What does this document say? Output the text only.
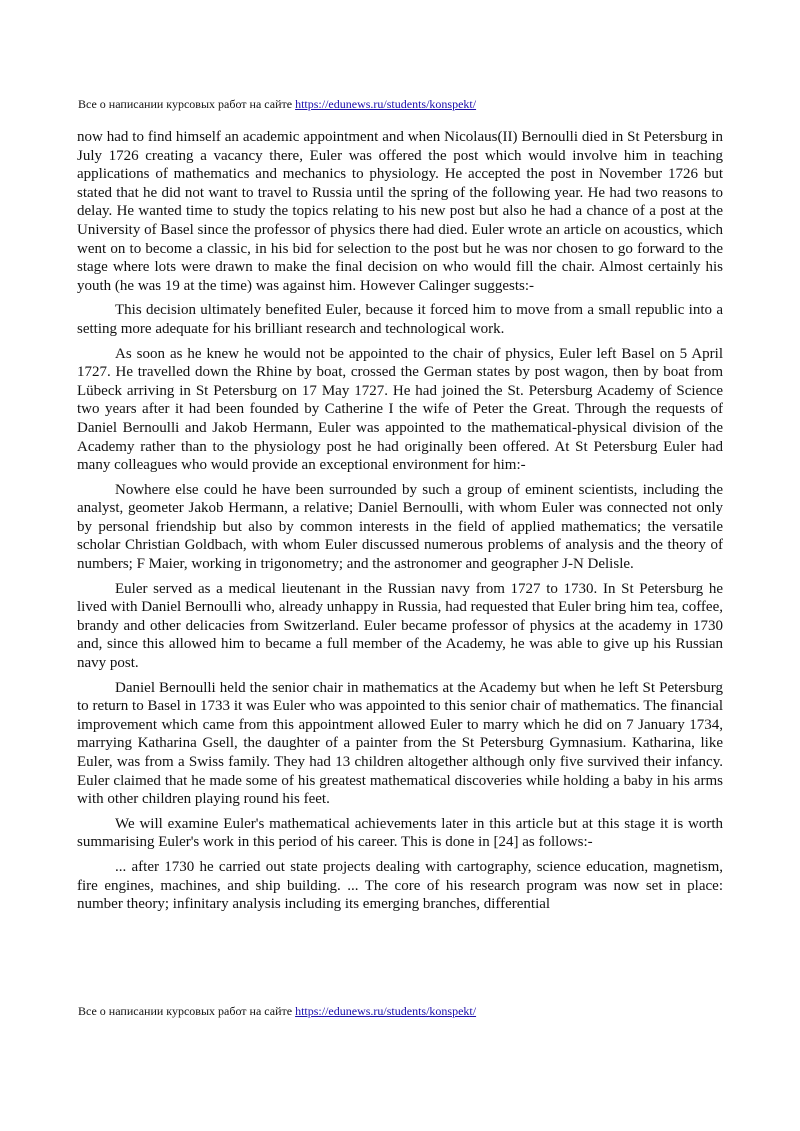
Все о написании курсовых работ на сайте https://edunews.ru/students/konspekt/

now had to find himself an academic appointment and when Nicolaus(II) Bernoulli died in St Petersburg in July 1726 creating a vacancy there, Euler was offered the post which would involve him in teaching applications of mathematics and mechanics to physiology. He accepted the post in November 1726 but stated that he did not want to travel to Russia until the spring of the following year. He had two reasons to delay. He wanted time to study the topics relating to his new post but also he had a chance of a post at the University of Basel since the professor of physics there had died. Euler wrote an article on acoustics, which went on to become a classic, in his bid for selection to the post but he was nor chosen to go forward to the stage where lots were drawn to make the final decision on who would fill the chair. Almost certainly his youth (he was 19 at the time) was against him. However Calinger suggests:-

This decision ultimately benefited Euler, because it forced him to move from a small republic into a setting more adequate for his brilliant research and technological work.

As soon as he knew he would not be appointed to the chair of physics, Euler left Basel on 5 April 1727. He travelled down the Rhine by boat, crossed the German states by post wagon, then by boat from Lübeck arriving in St Petersburg on 17 May 1727. He had joined the St. Petersburg Academy of Science two years after it had been founded by Catherine I the wife of Peter the Great. Through the requests of Daniel Bernoulli and Jakob Hermann, Euler was appointed to the mathematical-physical division of the Academy rather than to the physiology post he had originally been offered. At St Petersburg Euler had many colleagues who would provide an exceptional environment for him:-

Nowhere else could he have been surrounded by such a group of eminent scientists, including the analyst, geometer Jakob Hermann, a relative; Daniel Bernoulli, with whom Euler was connected not only by personal friendship but also by common interests in the field of applied mathematics; the versatile scholar Christian Goldbach, with whom Euler discussed numerous problems of analysis and the theory of numbers; F Maier, working in trigonometry; and the astronomer and geographer J-N Delisle.

Euler served as a medical lieutenant in the Russian navy from 1727 to 1730. In St Petersburg he lived with Daniel Bernoulli who, already unhappy in Russia, had requested that Euler bring him tea, coffee, brandy and other delicacies from Switzerland. Euler became professor of physics at the academy in 1730 and, since this allowed him to became a full member of the Academy, he was able to give up his Russian navy post.

Daniel Bernoulli held the senior chair in mathematics at the Academy but when he left St Petersburg to return to Basel in 1733 it was Euler who was appointed to this senior chair of mathematics. The financial improvement which came from this appointment allowed Euler to marry which he did on 7 January 1734, marrying Katharina Gsell, the daughter of a painter from the St Petersburg Gymnasium. Katharina, like Euler, was from a Swiss family. They had 13 children altogether although only five survived their infancy. Euler claimed that he made some of his greatest mathematical discoveries while holding a baby in his arms with other children playing round his feet.

We will examine Euler's mathematical achievements later in this article but at this stage it is worth summarising Euler's work in this period of his career. This is done in [24] as follows:-

... after 1730 he carried out state projects dealing with cartography, science education, magnetism, fire engines, machines, and ship building. ... The core of his research program was now set in place: number theory; infinitary analysis including its emerging branches, differential

Все о написании курсовых работ на сайте https://edunews.ru/students/konspekt/
